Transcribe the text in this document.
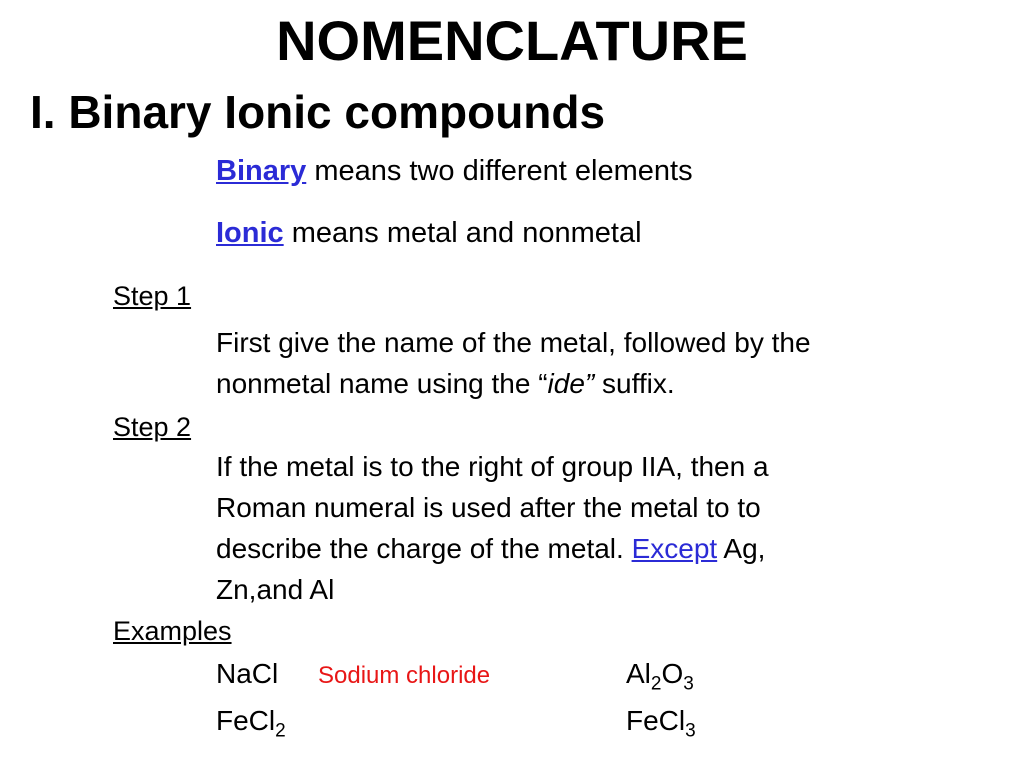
NOMENCLATURE
I. Binary Ionic compounds
Binary means two different elements
Ionic means metal and nonmetal
Step 1
First give the name of the metal, followed by the
nonmetal name using the “ide” suffix.
Step 2
If the metal is to the right of group IIA, then a
Roman numeral is used after the metal to to
describe the charge of the metal. Except Ag,
Zn,and Al
Examples
NaCl Sodium chloride	$Al_2O_3$
FeCl$_2$	FeCl$_3$
